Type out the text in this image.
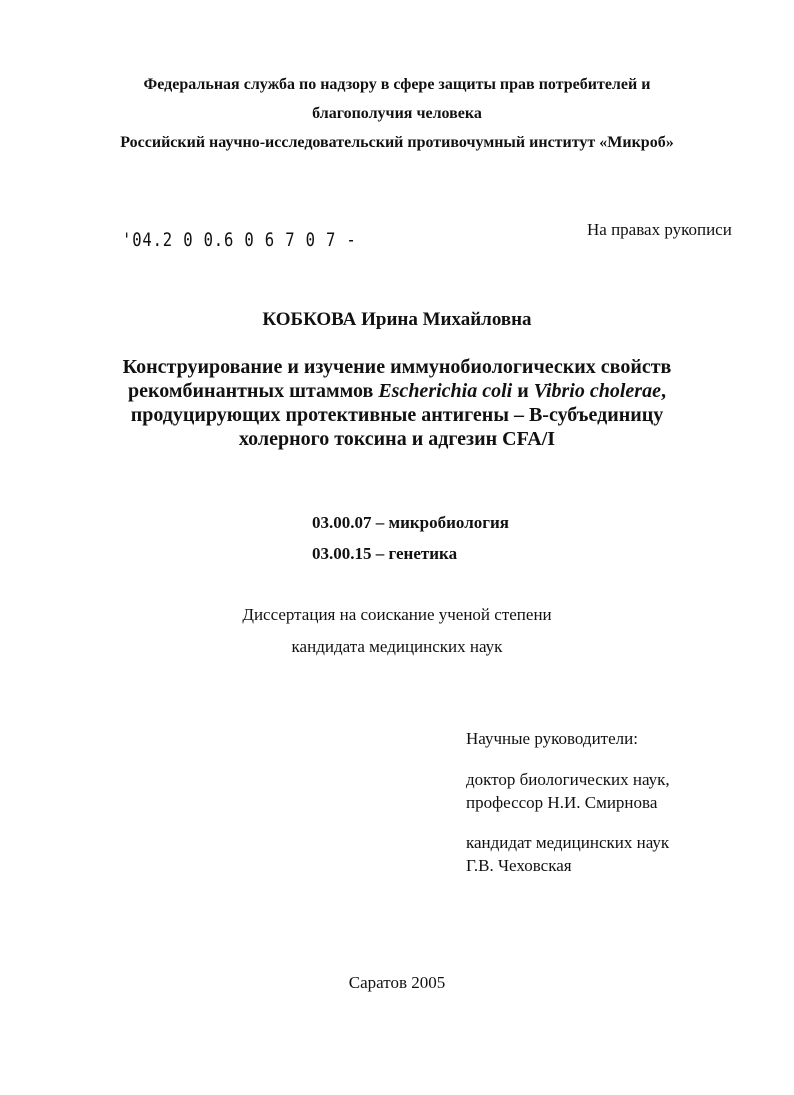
Федеральная служба по надзору в сфере защиты прав потребителей и
благополучия человека
Российский научно-исследовательский противочумный институт «Микроб»
'04.2 0 0.6 0 6 7 0 7 -	На правах рукописи
КОБКОВА Ирина Михайловна
Конструирование и изучение иммунобиологических свойств
рекомбинантных штаммов Escherichia coli и Vibrio cholerae,
продуцирующих протективные антигены – В-субъединицу
холерного токсина и адгезин CFA/I
03.00.07 – микробиология
03.00.15 – генетика
Диссертация на соискание ученой степени
кандидата медицинских наук
Научные руководители:
доктор биологических наук,
профессор Н.И. Смирнова
кандидат медицинских наук
Г.В. Чеховская
Саратов 2005
